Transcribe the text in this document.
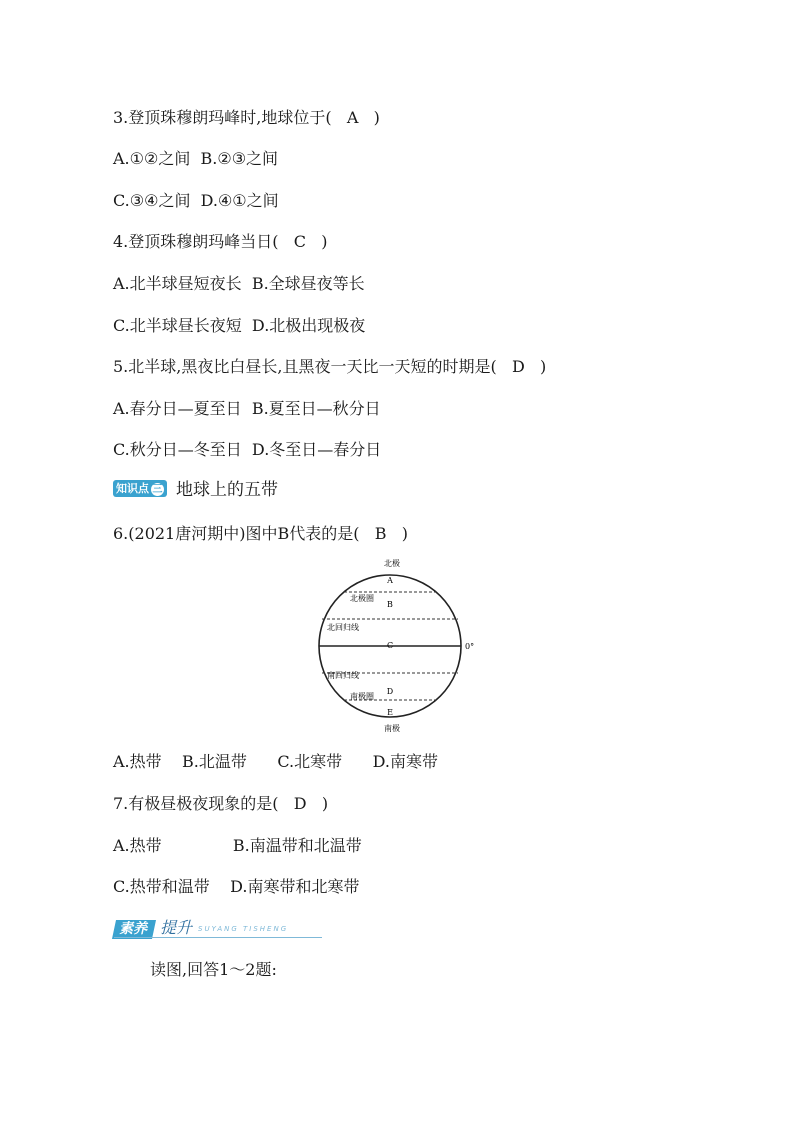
3.登顶珠穆朗玛峰时,地球位于(   A   )
A.①②之间  B.②③之间
C.③④之间  D.④①之间
4.登顶珠穆朗玛峰当日(   C   )
A.北半球昼短夜长  B.全球昼夜等长
C.北半球昼长夜短  D.北极出现极夜
5.北半球,黑夜比白昼长,且黑夜一天比一天短的时期是(   D   )
A.春分日—夏至日  B.夏至日—秋分日
C.秋分日—冬至日  D.冬至日—春分日
知识点 三 地球上的五带
6.(2021唐河期中)图中B代表的是(   B   )
北极
A
北极圈
B
北回归线
C	0°
南回归线
D
南极圈
E
南极
A.热带    B.北温带      C.北寒带      D.南寒带
7.有极昼极夜现象的是(   D   )
A.热带              B.南温带和北温带
C.热带和温带    D.南寒带和北寒带
素养 提升 SUYANG TISHENG
读图,回答1～2题:
